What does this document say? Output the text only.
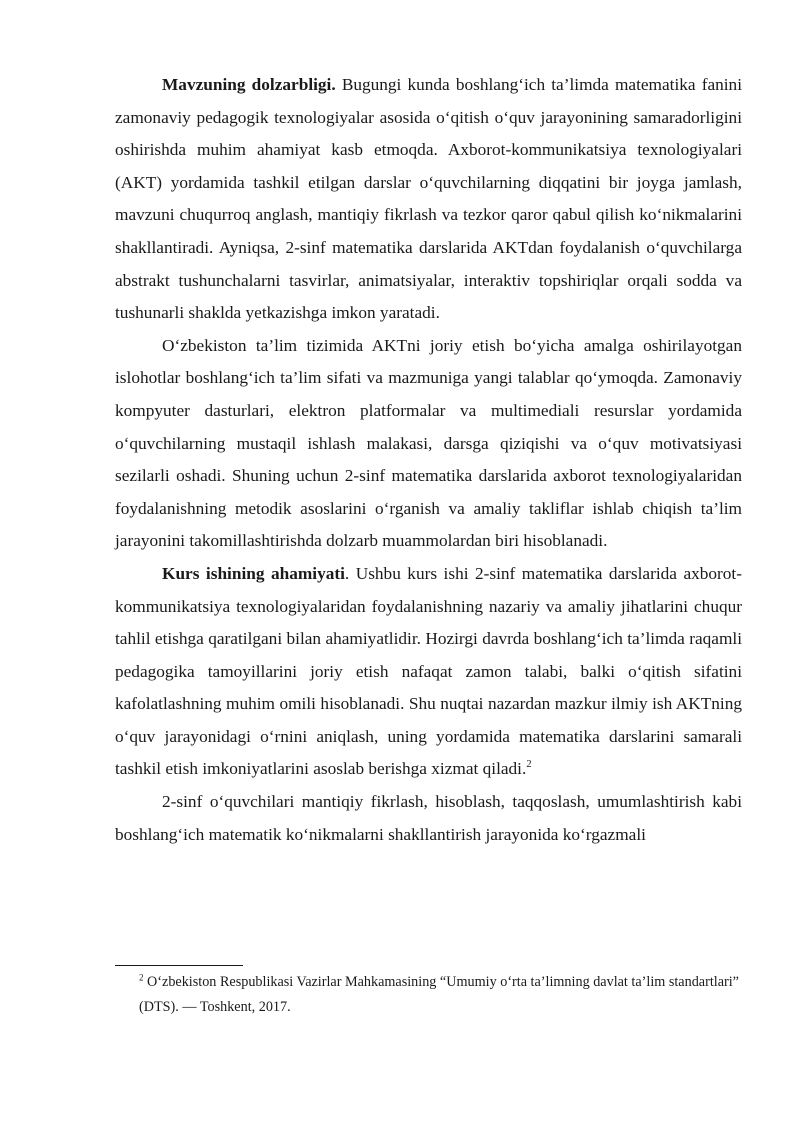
Mavzuning dolzarbligi. Bugungi kunda boshlang‘ich ta’limda matematika fanini zamonaviy pedagogik texnologiyalar asosida o‘qitish o‘quv jarayonining samaradorligini oshirishda muhim ahamiyat kasb etmoqda. Axborot-kommunikatsiya texnologiyalari (AKT) yordamida tashkil etilgan darslar o‘quvchilarning diqqatini bir joyga jamlash, mavzuni chuqurroq anglash, mantiqiy fikrlash va tezkor qaror qabul qilish ko‘nikmalarini shakllantiradi. Ayniqsa, 2-sinf matematika darslarida AKTdan foydalanish o‘quvchilarga abstrakt tushunchalarni tasvirlar, animatsiyalar, interaktiv topshiriqlar orqali sodda va tushunarli shaklda yetkazishga imkon yaratadi.

O‘zbekiston ta’lim tizimida AKTni joriy etish bo‘yicha amalga oshirilayotgan islohotlar boshlang‘ich ta’lim sifati va mazmuniga yangi talablar qo‘ymoqda. Zamonaviy kompyuter dasturlari, elektron platformalar va multimediali resurslar yordamida o‘quvchilarning mustaqil ishlash malakasi, darsga qiziqishi va o‘quv motivatsiyasi sezilarli oshadi. Shuning uchun 2-sinf matematika darslarida axborot texnologiyalaridan foydalanishning metodik asoslarini o‘rganish va amaliy takliflar ishlab chiqish ta’lim jarayonini takomillashtirishda dolzarb muammolardan biri hisoblanadi.

Kurs ishining ahamiyati. Ushbu kurs ishi 2-sinf matematika darslarida axborot-kommunikatsiya texnologiyalaridan foydalanishning nazariy va amaliy jihatlarini chuqur tahlil etishga qaratilgani bilan ahamiyatlidir. Hozirgi davrda boshlang‘ich ta’limda raqamli pedagogika tamoyillarini joriy etish nafaqat zamon talabi, balki o‘qitish sifatini kafolatlashning muhim omili hisoblanadi. Shu nuqtai nazardan mazkur ilmiy ish AKTning o‘quv jarayonidagi o‘rnini aniqlash, uning yordamida matematika darslarini samarali tashkil etish imkoniyatlarini asoslab berishga xizmat qiladi.$^2$

2-sinf o‘quvchilari mantiqiy fikrlash, hisoblash, taqqoslash, umumlashtirish kabi boshlang‘ich matematik ko‘nikmalarni shakllantirish jarayonida ko‘rgazmali

$^2$ O‘zbekiston Respublikasi Vazirlar Mahkamasining “Umumiy o‘rta ta’limning davlat ta’lim standartlari” (DTS). — Toshkent, 2017.
